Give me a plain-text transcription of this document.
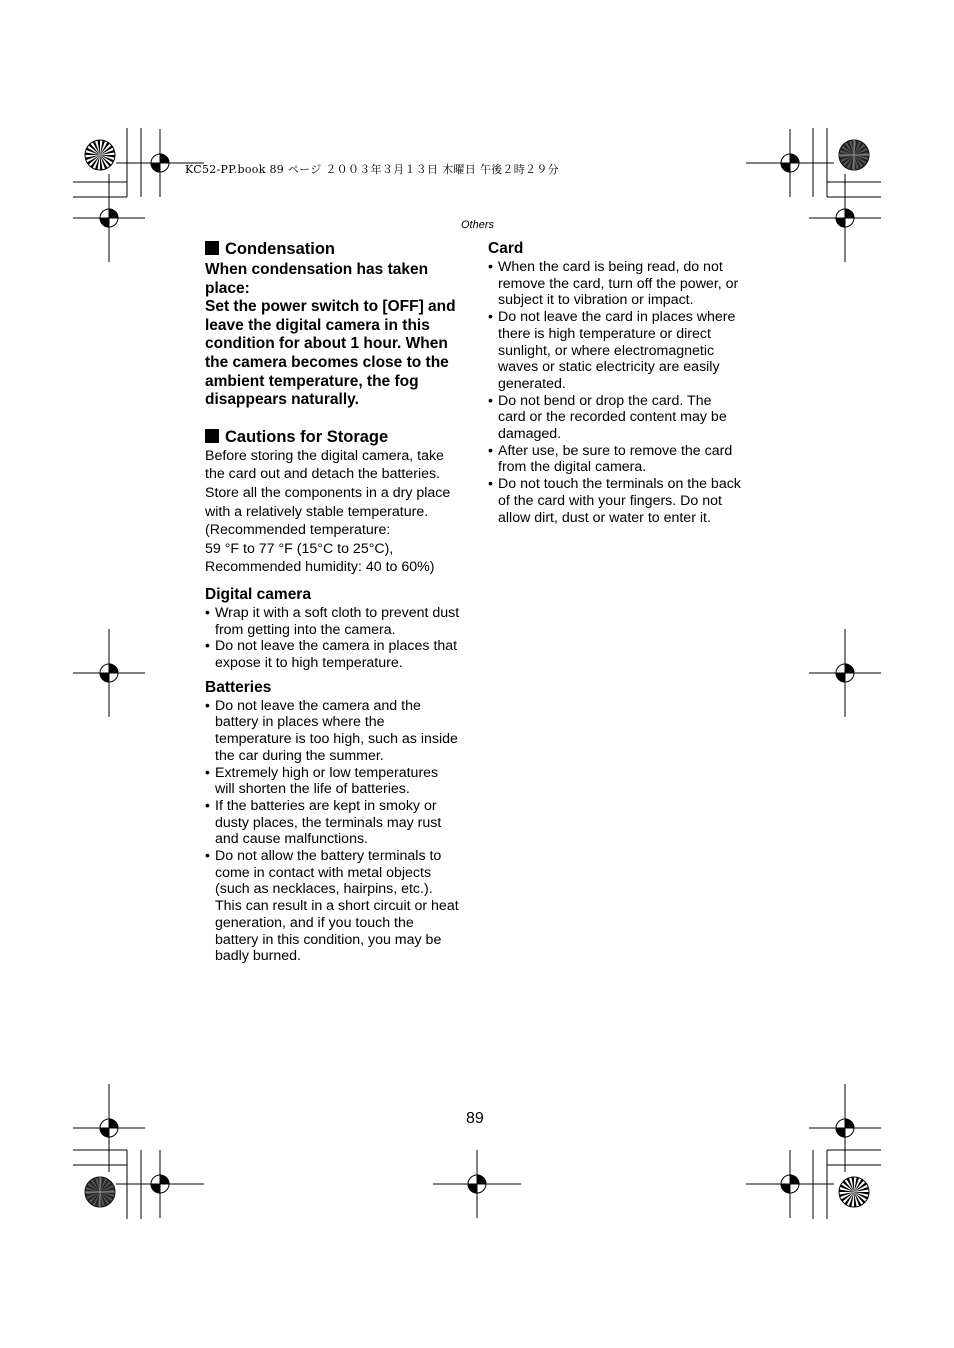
KC52-PP.book 89 ページ ２００３年３月１３日 木曜日 午後２時２９分
Others
Condensation
When condensation has taken
place:
Set the power switch to [OFF] and
leave the digital camera in this
condition for about 1 hour. When
the camera becomes close to the
ambient temperature, the fog
disappears naturally.
Cautions for Storage
Before storing the digital camera, take
the card out and detach the batteries.
Store all the components in a dry place
with a relatively stable temperature.
(Recommended temperature:
59 °F to 77 °F (15°C to 25°C),
Recommended humidity: 40 to 60%)
Digital camera
• Wrap it with a soft cloth to prevent dust
from getting into the camera.
• Do not leave the camera in places that
expose it to high temperature.
Batteries
• Do not leave the camera and the
battery in places where the
temperature is too high, such as inside
the car during the summer.
• Extremely high or low temperatures
will shorten the life of batteries.
• If the batteries are kept in smoky or
dusty places, the terminals may rust
and cause malfunctions.
• Do not allow the battery terminals to
come in contact with metal objects
(such as necklaces, hairpins, etc.).
This can result in a short circuit or heat
generation, and if you touch the
battery in this condition, you may be
badly burned.
Card
• When the card is being read, do not
remove the card, turn off the power, or
subject it to vibration or impact.
• Do not leave the card in places where
there is high temperature or direct
sunlight, or where electromagnetic
waves or static electricity are easily
generated.
• Do not bend or drop the card. The
card or the recorded content may be
damaged.
• After use, be sure to remove the card
from the digital camera.
• Do not touch the terminals on the back
of the card with your fingers. Do not
allow dirt, dust or water to enter it.
89
